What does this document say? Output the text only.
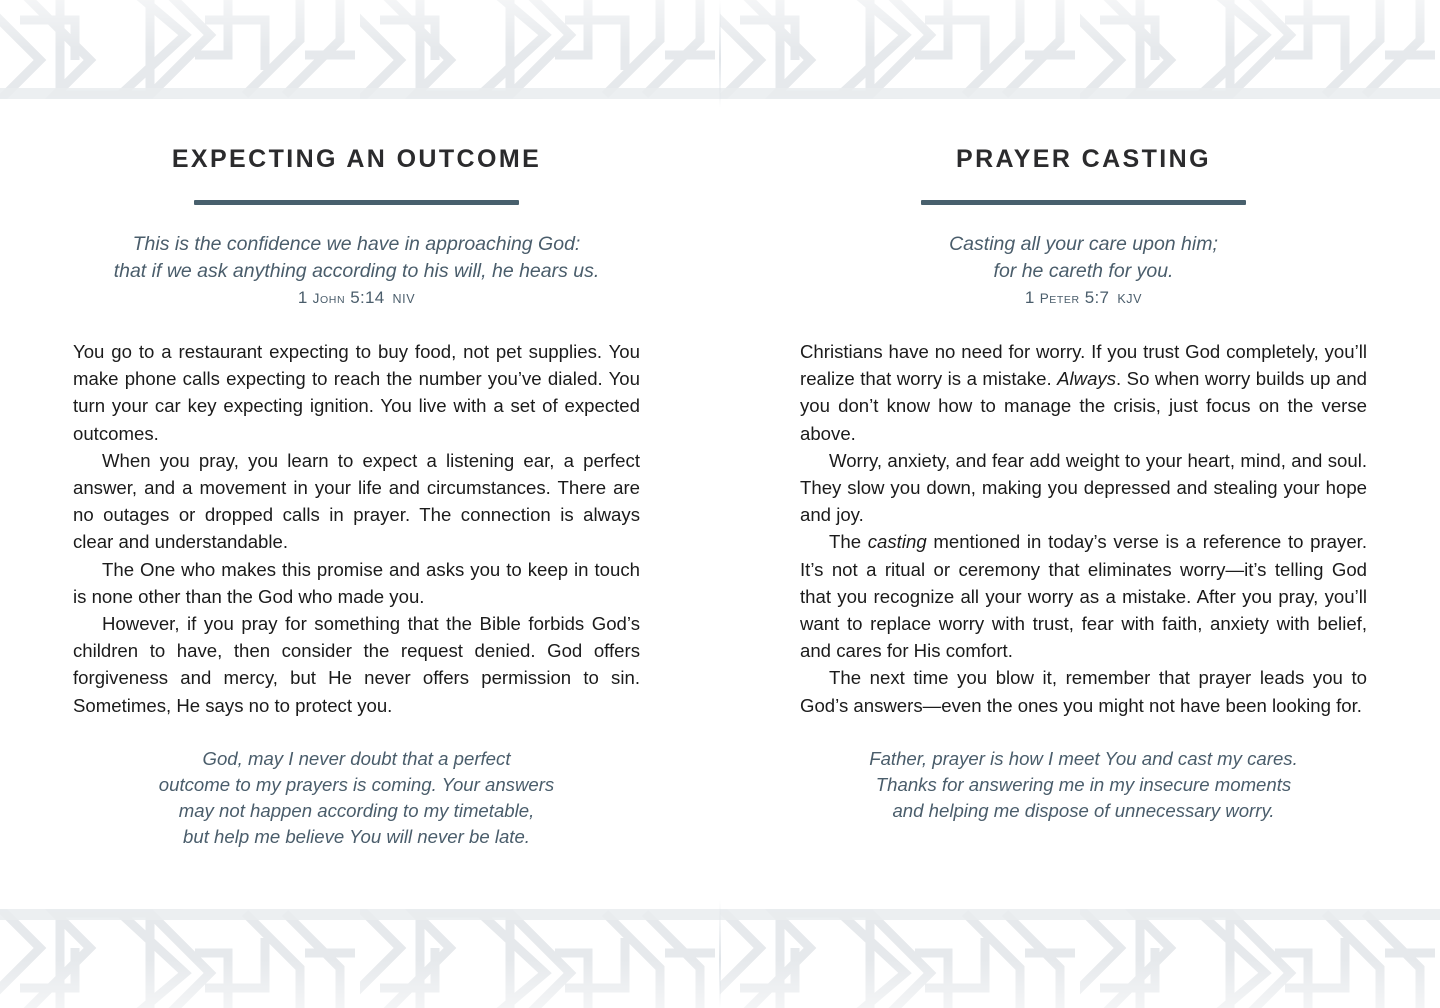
EXPECTING AN OUTCOME
This is the confidence we have in approaching God:
that if we ask anything according to his will, he hears us.
1 JOHN 5:14 NIV

You go to a restaurant expecting to buy food, not pet supplies. You make phone calls expecting to reach the number you’ve dialed. You turn your car key expecting ignition. You live with a set of expected outcomes.

When you pray, you learn to expect a listening ear, a perfect answer, and a movement in your life and circumstances. There are no outages or dropped calls in prayer. The connection is always clear and understandable.

The One who makes this promise and asks you to keep in touch is none other than the God who made you.

However, if you pray for something that the Bible forbids God’s children to have, then consider the request denied. God offers forgiveness and mercy, but He never offers permission to sin. Sometimes, He says no to protect you.

God, may I never doubt that a perfect
outcome to my prayers is coming. Your answers
may not happen according to my timetable,
but help me believe You will never be late.
PRAYER CASTING
Casting all your care upon him;
for he careth for you.
1 PETER 5:7 KJV

Christians have no need for worry. If you trust God completely, you’ll realize that worry is a mistake. Always. So when worry builds up and you don’t know how to manage the crisis, just focus on the verse above.

Worry, anxiety, and fear add weight to your heart, mind, and soul. They slow you down, making you depressed and stealing your hope and joy.

The casting mentioned in today’s verse is a reference to prayer. It’s not a ritual or ceremony that eliminates worry—it’s telling God that you recognize all your worry as a mistake. After you pray, you’ll want to replace worry with trust, fear with faith, anxiety with belief, and cares for His comfort.

The next time you blow it, remember that prayer leads you to God’s answers—even the ones you might not have been looking for.

Father, prayer is how I meet You and cast my cares.
Thanks for answering me in my insecure moments
and helping me dispose of unnecessary worry.
